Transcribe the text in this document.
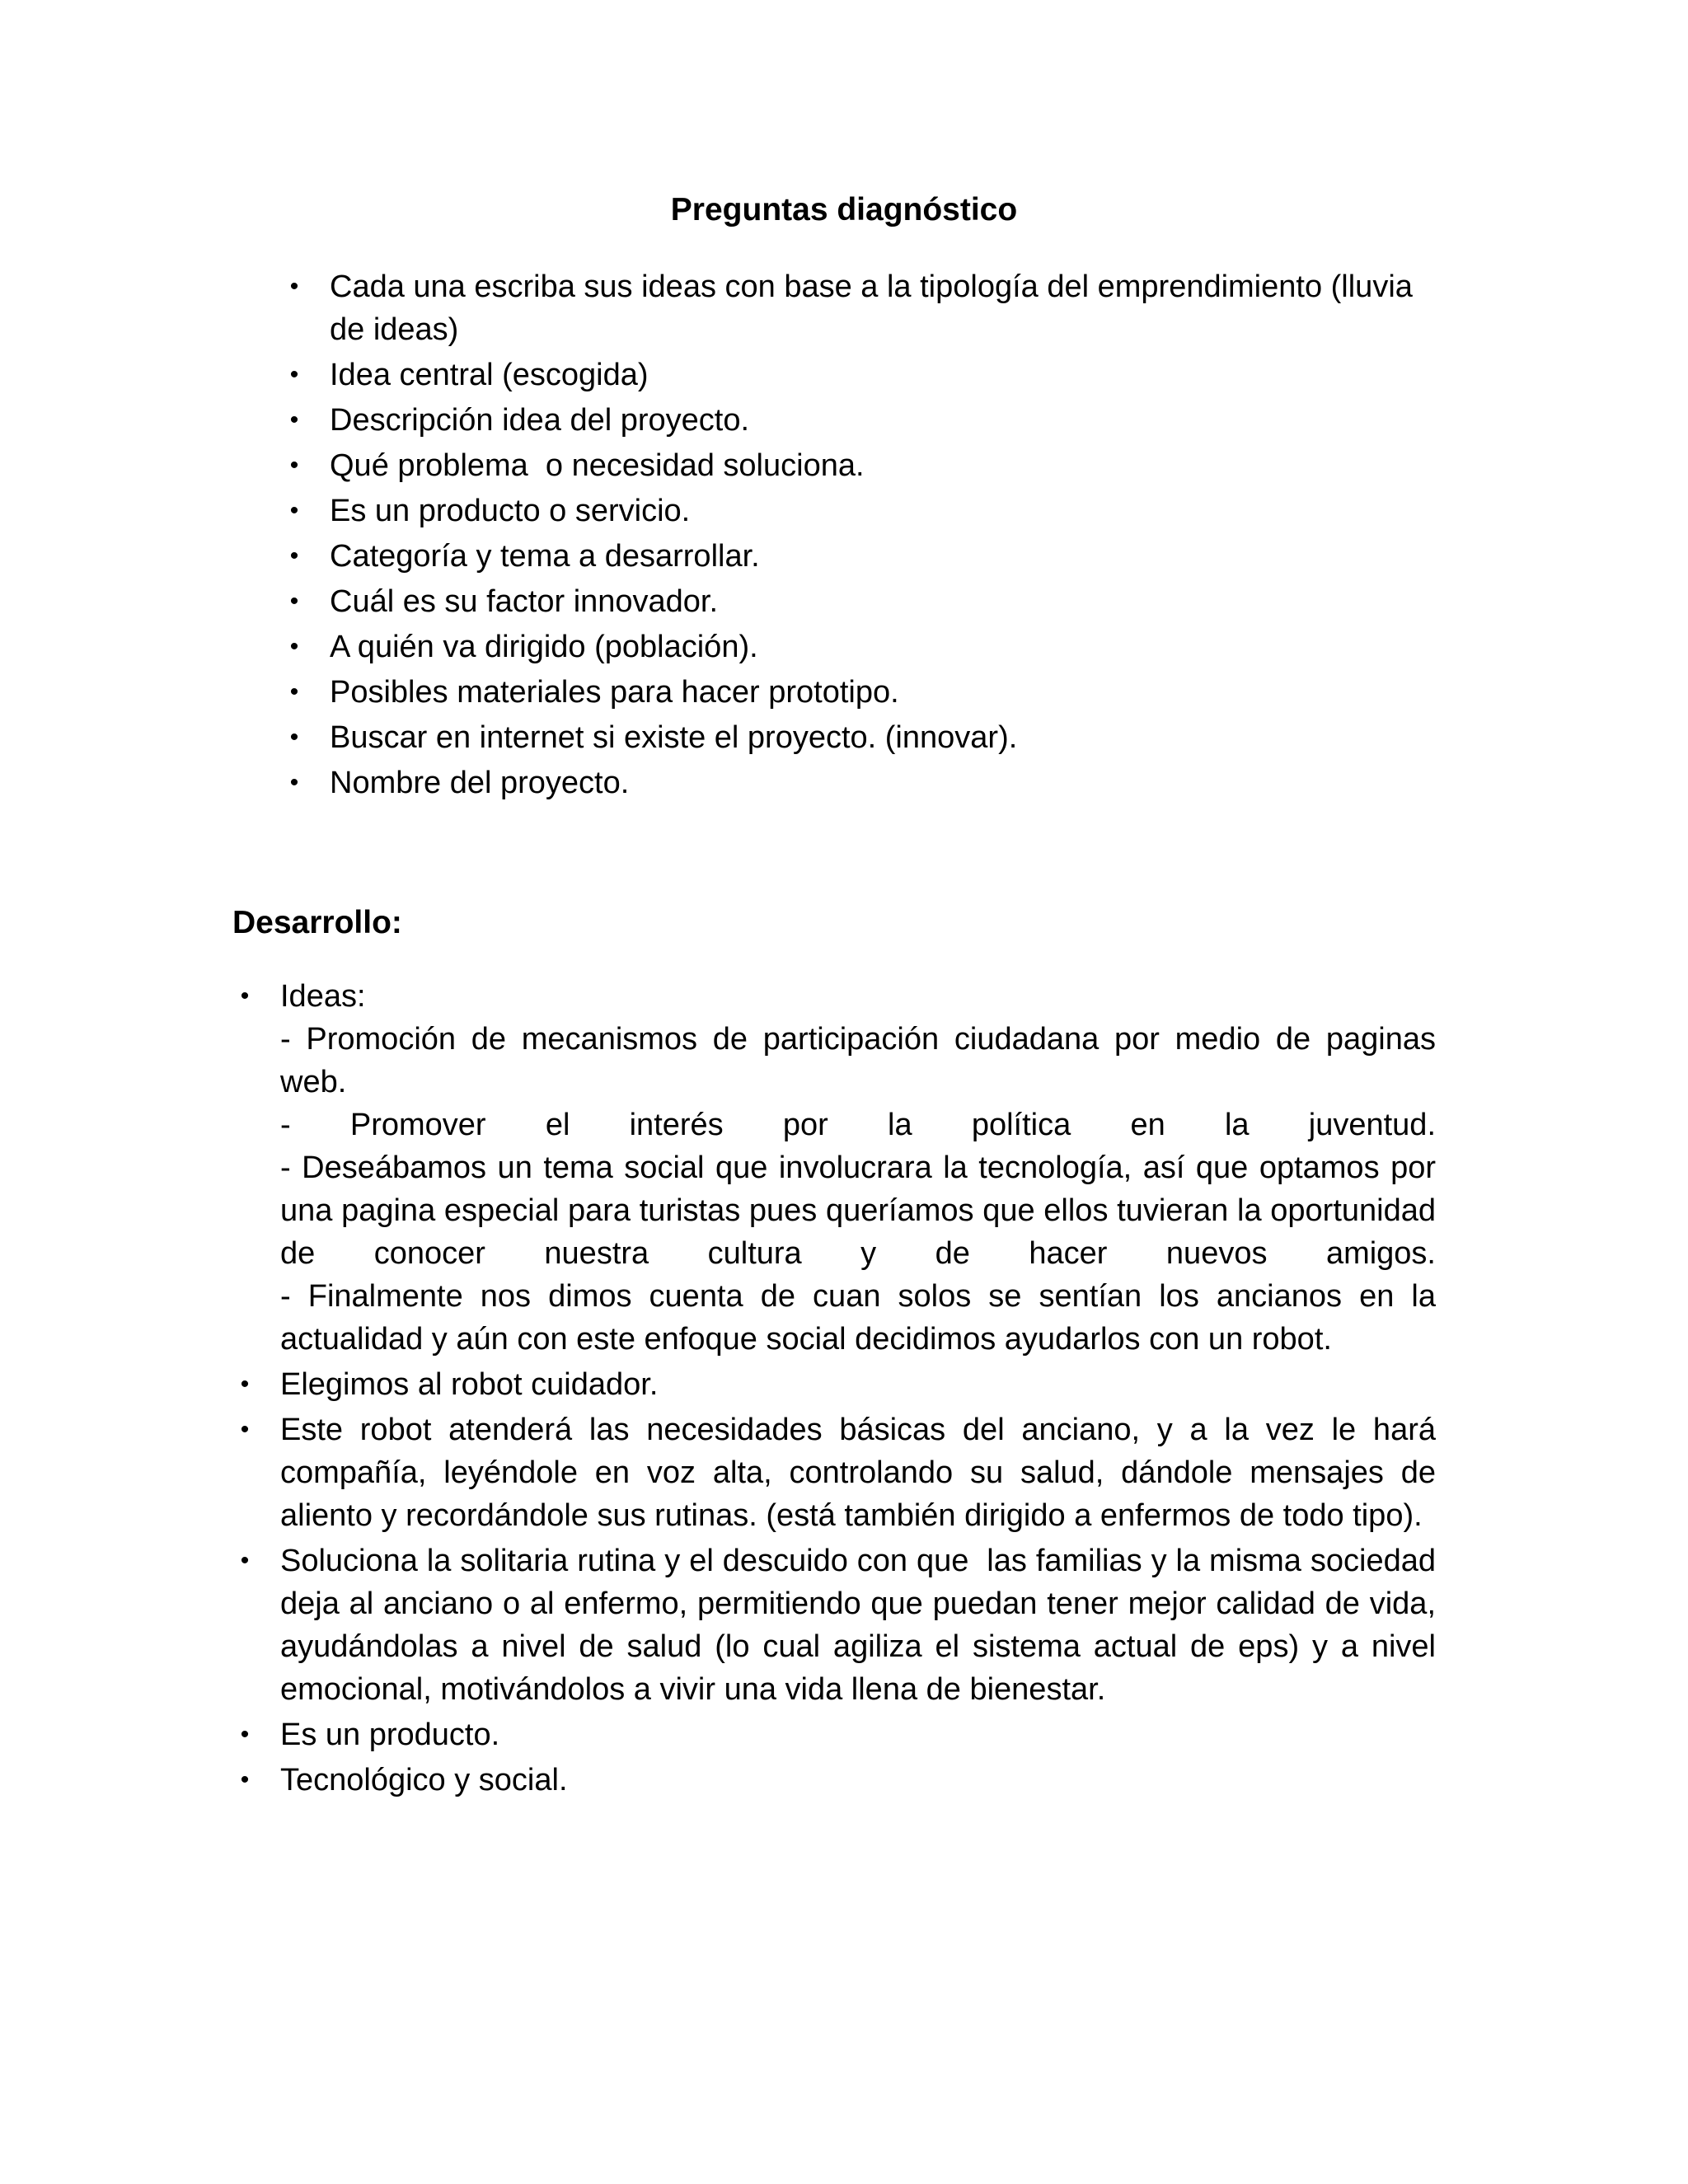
Preguntas diagnóstico
• Cada una escriba sus ideas con base a la tipología del emprendimiento (lluvia de ideas)
• Idea central (escogida)
• Descripción idea del proyecto.
• Qué problema  o necesidad soluciona.
• Es un producto o servicio.
• Categoría y tema a desarrollar.
• Cuál es su factor innovador.
• A quién va dirigido (población).
• Posibles materiales para hacer prototipo.
• Buscar en internet si existe el proyecto. (innovar).
• Nombre del proyecto.
Desarrollo:
• Ideas:
- Promoción de mecanismos de participación ciudadana por medio de paginas web.
- Promover el interés por la política en la juventud.
- Deseábamos un tema social que involucrara la tecnología, así que optamos por una pagina especial para turistas pues queríamos que ellos tuvieran la oportunidad de conocer nuestra cultura y de hacer nuevos amigos.
- Finalmente nos dimos cuenta de cuan solos se sentían los ancianos en la actualidad y aún con este enfoque social decidimos ayudarlos con un robot.
• Elegimos al robot cuidador.
• Este robot atenderá las necesidades básicas del anciano, y a la vez le hará compañía, leyéndole en voz alta, controlando su salud, dándole mensajes de aliento y recordándole sus rutinas. (está también dirigido a enfermos de todo tipo).
• Soluciona la solitaria rutina y el descuido con que  las familias y la misma sociedad deja al anciano o al enfermo, permitiendo que puedan tener mejor calidad de vida, ayudándolas a nivel de salud (lo cual agiliza el sistema actual de eps) y a nivel emocional, motivándolos a vivir una vida llena de bienestar.
• Es un producto.
• Tecnológico y social.
